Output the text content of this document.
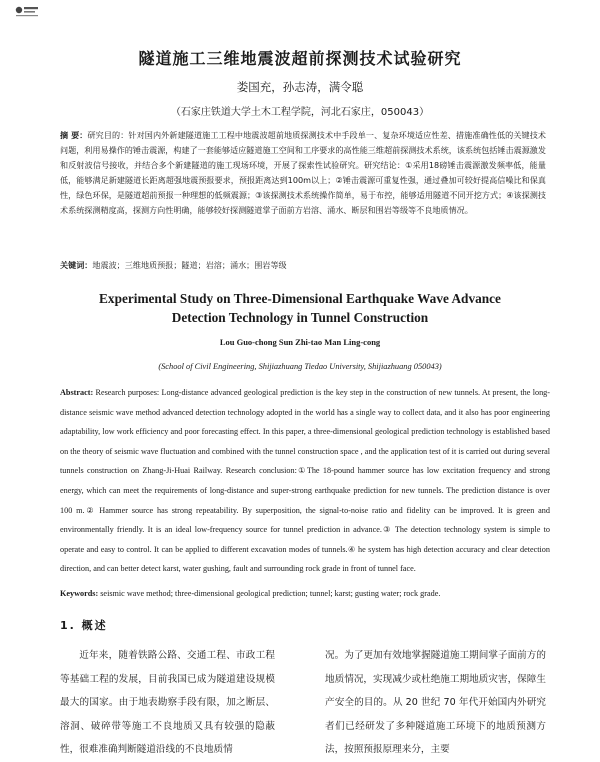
隧道施工三维地震波超前探测技术试验研究
娄国充，孙志涛，满令聪
（石家庄铁道大学土木工程学院，河北石家庄，050043）
摘 要：研究目的：针对国内外新建隧道施工工程中地震波超前地质探测技术中手段单一、复杂环境适应性差、措施准确性低的关键技术问题，利用易操作的锤击震源，构建了一套能够适应隧道施工空间和工序要求的高性能三维超前探测技术系统，该系统包括锤击震源激发和反射波信号接收，并结合多个新建隧道的施工现场环境，开展了探索性试验研究。研究结论：①采用18磅锤击震源激发频率低，能量低，能够满足新建隧道长距离超强地震预报要求，预报距离达到100m以上；②锤击震源可重复性强，通过叠加可较好提高信噪比和保真性，绿色环保，是隧道超前预报一种理想的低频震源；③该探测技术系统操作简单，易于布控，能够适用隧道不同开挖方式；④该探测技术系统探测精度高，探测方向性明确，能够较好探测隧道掌子面前方岩溶、涌水、断层和围岩等级等不良地质情况。
关键词：地震波；三维地质预报；隧道；岩溶；涌水；围岩等级
Experimental Study on Three-Dimensional Earthquake Wave Advance
Detection Technology in Tunnel Construction
Lou Guo-chong Sun Zhi-tao Man Ling-cong
(School of Civil Engineering, Shijiazhuang Tiedao University, Shijiazhuang 050043)
Abstract: Research purposes: Long-distance advanced geological prediction is the key step in the construction of new tunnels. At present, the long-distance seismic wave method advanced detection technology adopted in the world has a single way to collect data, and it also has poor engineering adaptability, low work efficiency and poor forecasting effect. In this paper, a three-dimensional geological prediction technology is established based on the theory of seismic wave fluctuation and combined with the tunnel construction space , and the application test of it is carried out during several tunnels construction on Zhang-Ji-Huai Railway. Research conclusion:①The 18-pound hammer source has low excitation frequency and strong energy, which can meet the requirements of long-distance and super-strong earthquake prediction for new tunnels. The prediction distance is over 100 m.② Hammer source has strong repeatability. By superposition, the signal-to-noise ratio and fidelity can be improved. It is green and environmentally friendly. It is an ideal low-frequency source for tunnel prediction in advance.③ The detection technology system is simple to operate and easy to control. It can be applied to different excavation modes of tunnels.④ he system has high detection accuracy and clear detection direction, and can better detect karst, water gushing, fault and surrounding rock grade in front of tunnel face.
Keywords: seismic wave method; three-dimensional geological prediction; tunnel; karst; gusting water; rock grade.
1. 概述
近年来，随着铁路公路、交通工程、市政工程等基础工程的发展，目前我国已成为隧道建设规模最大的国家。由于地表勘察手段有限，加之断层、溶洞、破碎带等施工不良地质又具有较强的隐蔽性，很难准确判断隧道沿线的不良地质情
况。为了更加有效地掌握隧道施工期间掌子面前方的地质情况，实现减少或杜绝施工期地质灾害，保障生产安全的目的。从 20 世纪 70 年代开始国内外研究者们已经研发了多种隧道施工环境下的地质预测方法，按照预报原理来分，主要
